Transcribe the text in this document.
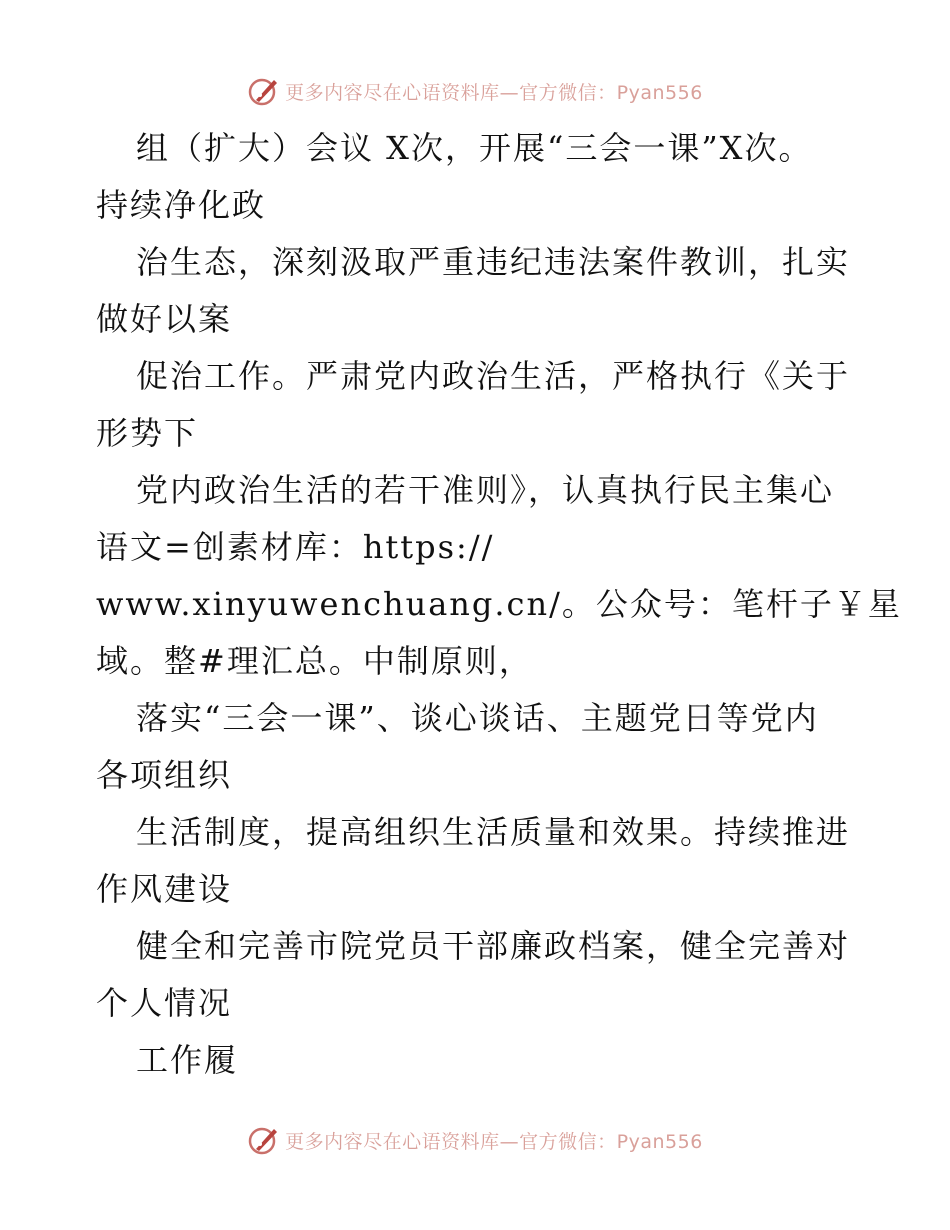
更多内容尽在心语资料库—官方微信：Pyan556
组（扩大）会议 X次，开展“三会一课”X次。
持续净化政
治生态，深刻汲取严重违纪违法案件教训，扎实
做好以案
促治工作。严肃党内政治生活，严格执行《关于
形势下
党内政治生活的若干准则》，认真执行民主集心
语文=创素材库：https://
www.xinyuwenchuang.cn/。公众号：笔杆子￥星
域。整#理汇总。中制原则，
落实“三会一课”、谈心谈话、主题党日等党内
各项组织
生活制度，提高组织生活质量和效果。持续推进
作风建设
健全和完善市院党员干部廉政档案，健全完善对
个人情况
工作履
更多内容尽在心语资料库—官方微信：Pyan556
